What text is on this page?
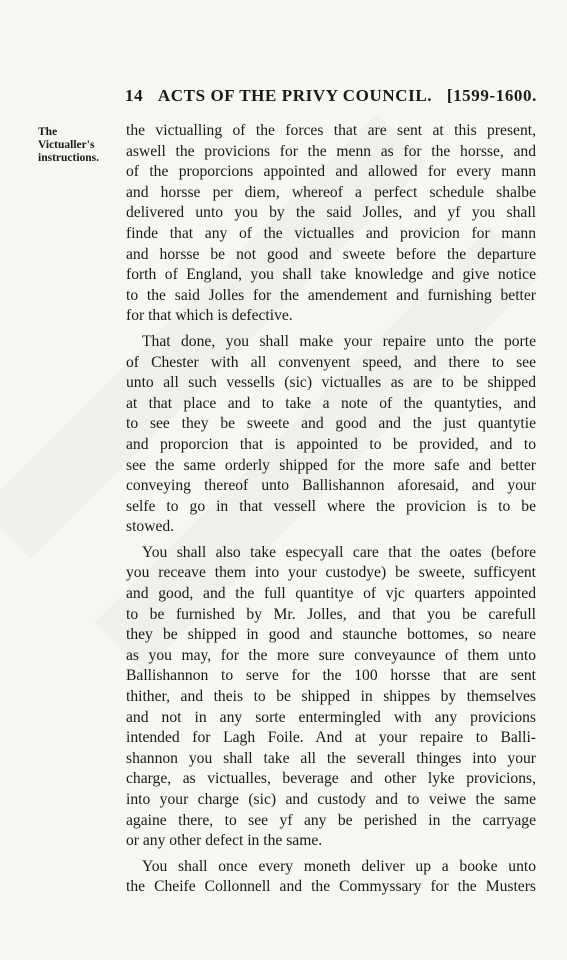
14 ACTS OF THE PRIVY COUNCIL. [1599-1600.
The
Victualler's
instructions.
the victualling of the forces that are sent at this present,
aswell the provicions for the menn as for the horsse, and
of the proporcions appointed and allowed for every mann
and horsse per diem, whereof a perfect schedule shalbe
delivered unto you by the said Jolles, and yf you shall
finde that any of the victualles and provicion for mann
and horsse be not good and sweete before the departure
forth of England, you shall take knowledge and give notice
to the said Jolles for the amendement and furnishing better
for that which is defective.
That done, you shall make your repaire unto the porte
of Chester with all convenyent speed, and there to see
unto all such vessells (sic) victualles as are to be shipped
at that place and to take a note of the quantyties, and
to see they be sweete and good and the just quantytie
and proporcion that is appointed to be provided, and to
see the same orderly shipped for the more safe and better
conveying thereof unto Ballishannon aforesaid, and your
selfe to go in that vessell where the provicion is to be
stowed.
You shall also take especyall care that the oates (before
you receave them into your custodye) be sweete, sufficyent
and good, and the full quantitye of vjc quarters appointed
to be furnished by Mr. Jolles, and that you be carefull
they be shipped in good and staunche bottomes, so neare
as you may, for the more sure conveyaunce of them unto
Ballishannon to serve for the 100 horsse that are sent
thither, and theis to be shipped in shippes by themselves
and not in any sorte entermingled with any provicions
intended for Lagh Foile. And at your repaire to Balli-
shannon you shall take all the severall thinges into your
charge, as victualles, beverage and other lyke provicions,
into your charge (sic) and custody and to veiwe the same
againe there, to see yf any be perished in the carryage
or any other defect in the same.
You shall once every moneth deliver up a booke unto
the Cheife Collonnell and the Commyssary for the Musters
